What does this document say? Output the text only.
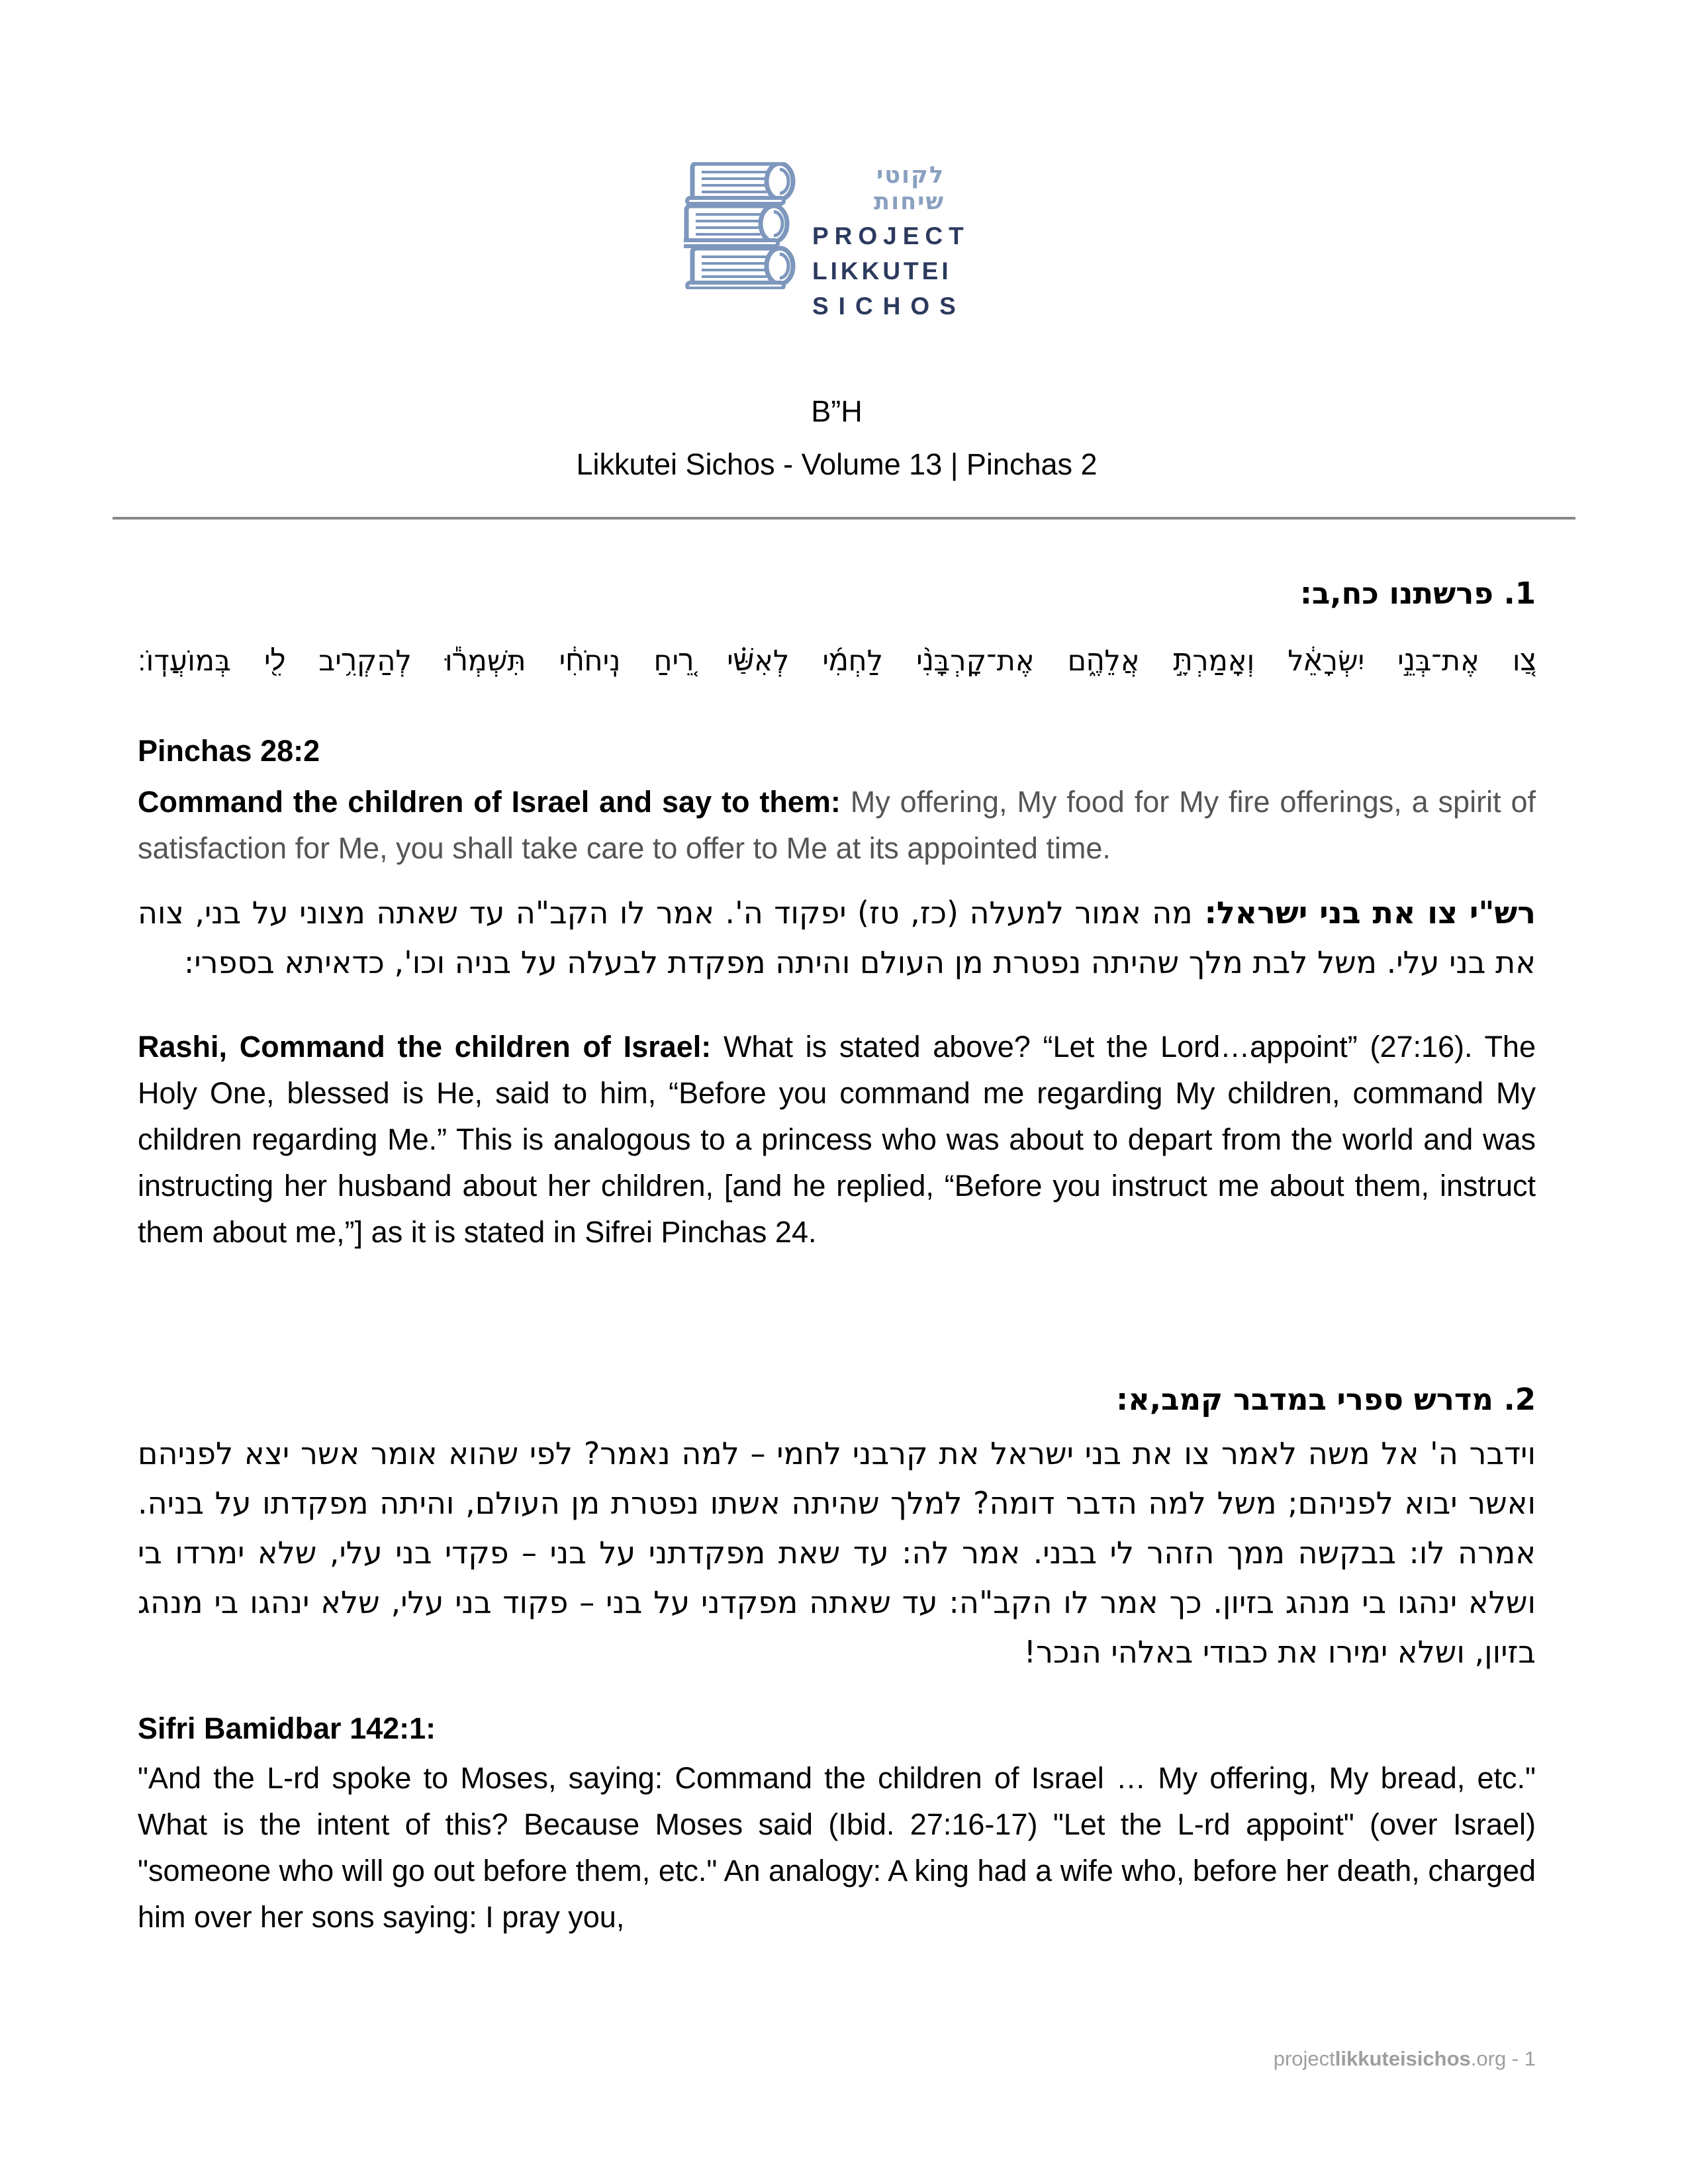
לקוטי שיחות
PROJECT
LIKKUTEI
SICHOS
B”H
Likkutei Sichos - Volume 13 | Pinchas 2
1. פרשתנו כח,ב:

צַ֚ו אֶת־בְּנֵ֣י יִשְׂרָאֵ֔ל וְאָמַרְתָּ֣ אֲלֵהֶ֑ם אֶת־קָרְבָּנִ֨י לַחְמִ֜י לְאִשַּׁ֗י רֵ֚יחַ נִֽיחֹחִ֔י תִּשְׁמְר֕וּ לְהַקְרִ֥יב לִ֖י בְּמוֹעֲדֽוֹ׃

Pinchas 28:2

Command the children of Israel and say to them: My offering, My food for My fire offerings, a spirit of satisfaction for Me, you shall take care to offer to Me at its appointed time.

רש"י צו את בני ישראל: מה אמור למעלה (כז, טז) יפקוד ה'. אמר לו הקב"ה עד שאתה מצוני על בני, צוה את בני עלי. משל לבת מלך שהיתה נפטרת מן העולם והיתה מפקדת לבעלה על בניה וכו', כדאיתא בספרי:

Rashi, Command the children of Israel: What is stated above? “Let the Lord…appoint” (27:16). The Holy One, blessed is He, said to him, “Before you command me regarding My children, command My children regarding Me.” This is analogous to a princess who was about to depart from the world and was instructing her husband about her children, [and he replied, “Before you instruct me about them, instruct them about me,”] as it is stated in Sifrei Pinchas 24.

2. מדרש ספרי במדבר קמב,א:

וידבר ה' אל משה לאמר צו את בני ישראל את קרבני לחמי – למה נאמר? לפי שהוא אומר אשר יצא לפניהם ואשר יבוא לפניהם; משל למה הדבר דומה? למלך שהיתה אשתו נפטרת מן העולם, והיתה מפקדתו על בניה. אמרה לו: בבקשה ממך הזהר לי בבני. אמר לה: עד שאת מפקדתני על בני – פקדי בני עלי, שלא ימרדו בי ושלא ינהגו בי מנהג בזיון. כך אמר לו הקב"ה: עד שאתה מפקדני על בני – פקוד בני עלי, שלא ינהגו בי מנהג בזיון, ושלא ימירו את כבודי באלהי הנכר!

Sifri Bamidbar 142:1:

"And the L-rd spoke to Moses, saying: Command the children of Israel … My offering, My bread, etc." What is the intent of this? Because Moses said (Ibid. 27:16-17) "Let the L-rd appoint" (over Israel) "someone who will go out before them, etc." An analogy: A king had a wife who, before her death, charged him over her sons saying: I pray you,

projectlikkuteisichos.org - 1
